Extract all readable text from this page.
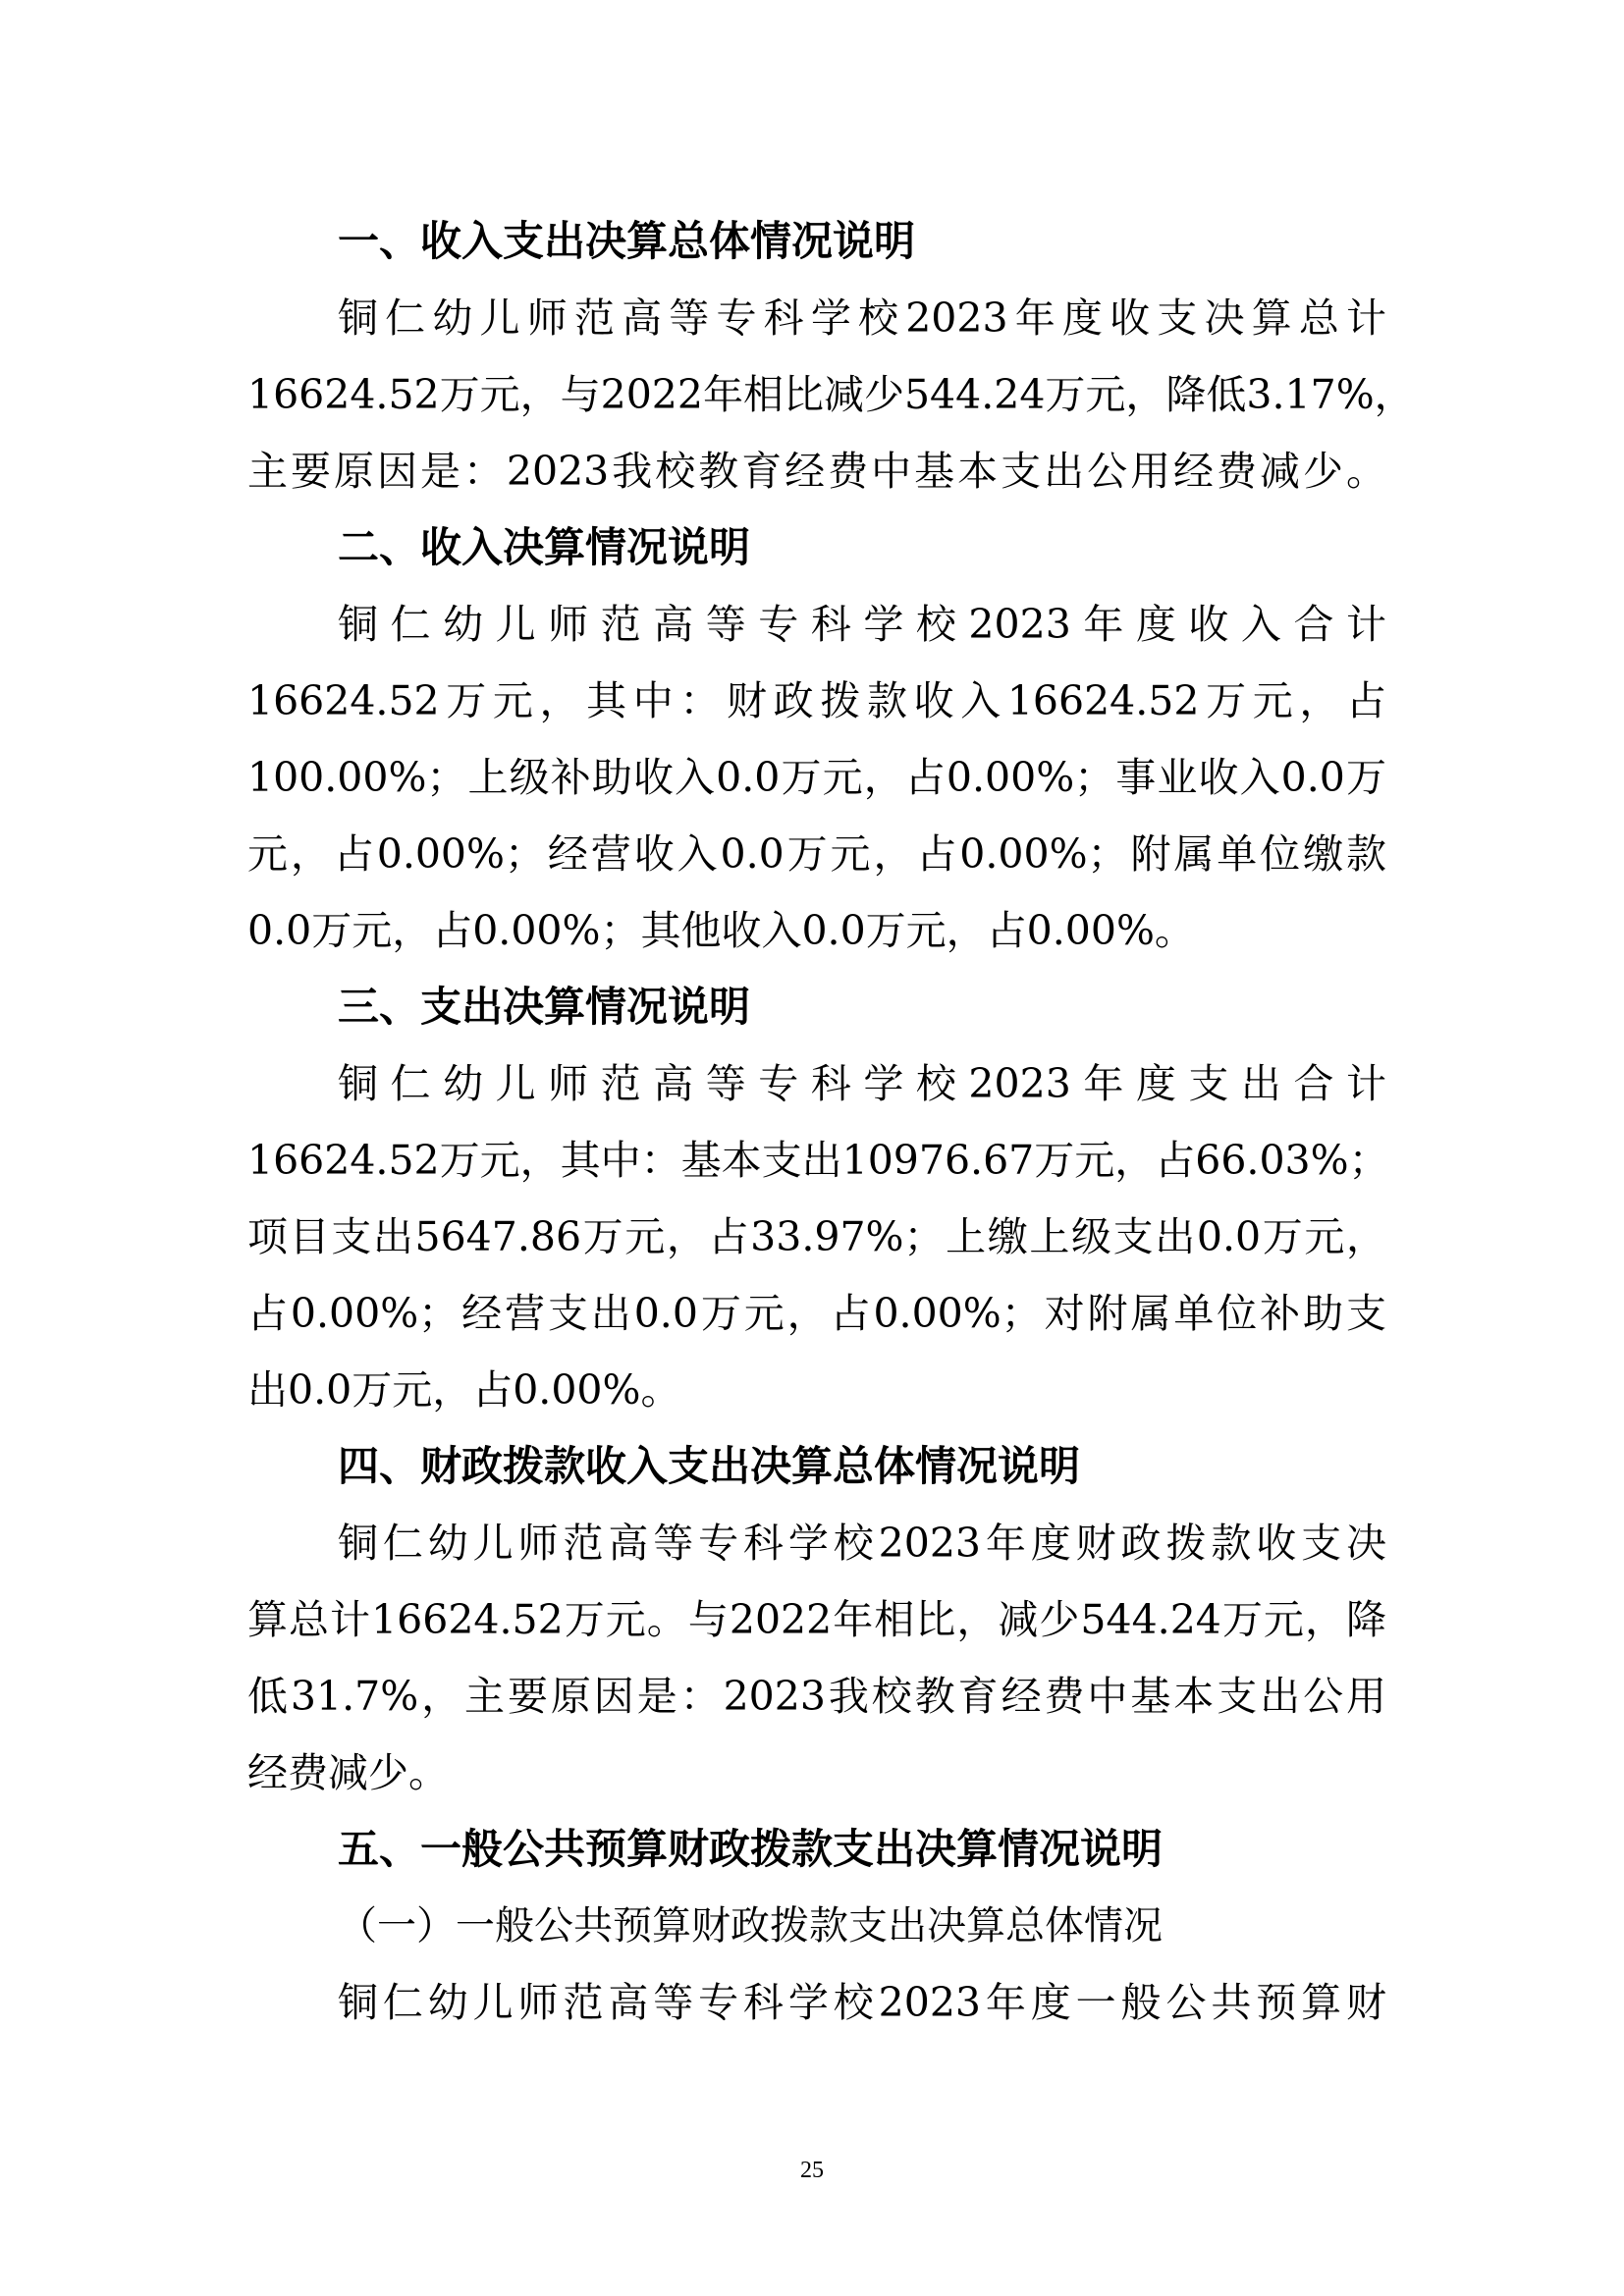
一、收入支出决算总体情况说明
铜仁幼儿师范高等专科学校2023年度收支决算总计
16624.52万元，与2022年相比减少544.24万元，降低3.17%，
主要原因是：2023我校教育经费中基本支出公用经费减少。
二、收入决算情况说明
铜仁幼儿师范高等专科学校2023年度收入合计
16624.52万元，其中：财政拨款收入16624.52万元，占
100.00%；上级补助收入0.0万元，占0.00%；事业收入0.0万
元，占0.00%；经营收入0.0万元，占0.00%；附属单位缴款
0.0万元，占0.00%；其他收入0.0万元，占0.00%。
三、支出决算情况说明
铜仁幼儿师范高等专科学校2023年度支出合计
16624.52万元，其中：基本支出10976.67万元，占66.03%；
项目支出5647.86万元，占33.97%；上缴上级支出0.0万元，
占0.00%；经营支出0.0万元，占0.00%；对附属单位补助支
出0.0万元，占0.00%。
四、财政拨款收入支出决算总体情况说明
铜仁幼儿师范高等专科学校2023年度财政拨款收支决
算总计16624.52万元。与2022年相比，减少544.24万元，降
低31.7%，主要原因是：2023我校教育经费中基本支出公用
经费减少。
五、一般公共预算财政拨款支出决算情况说明
（一）一般公共预算财政拨款支出决算总体情况
铜仁幼儿师范高等专科学校2023年度一般公共预算财
25
